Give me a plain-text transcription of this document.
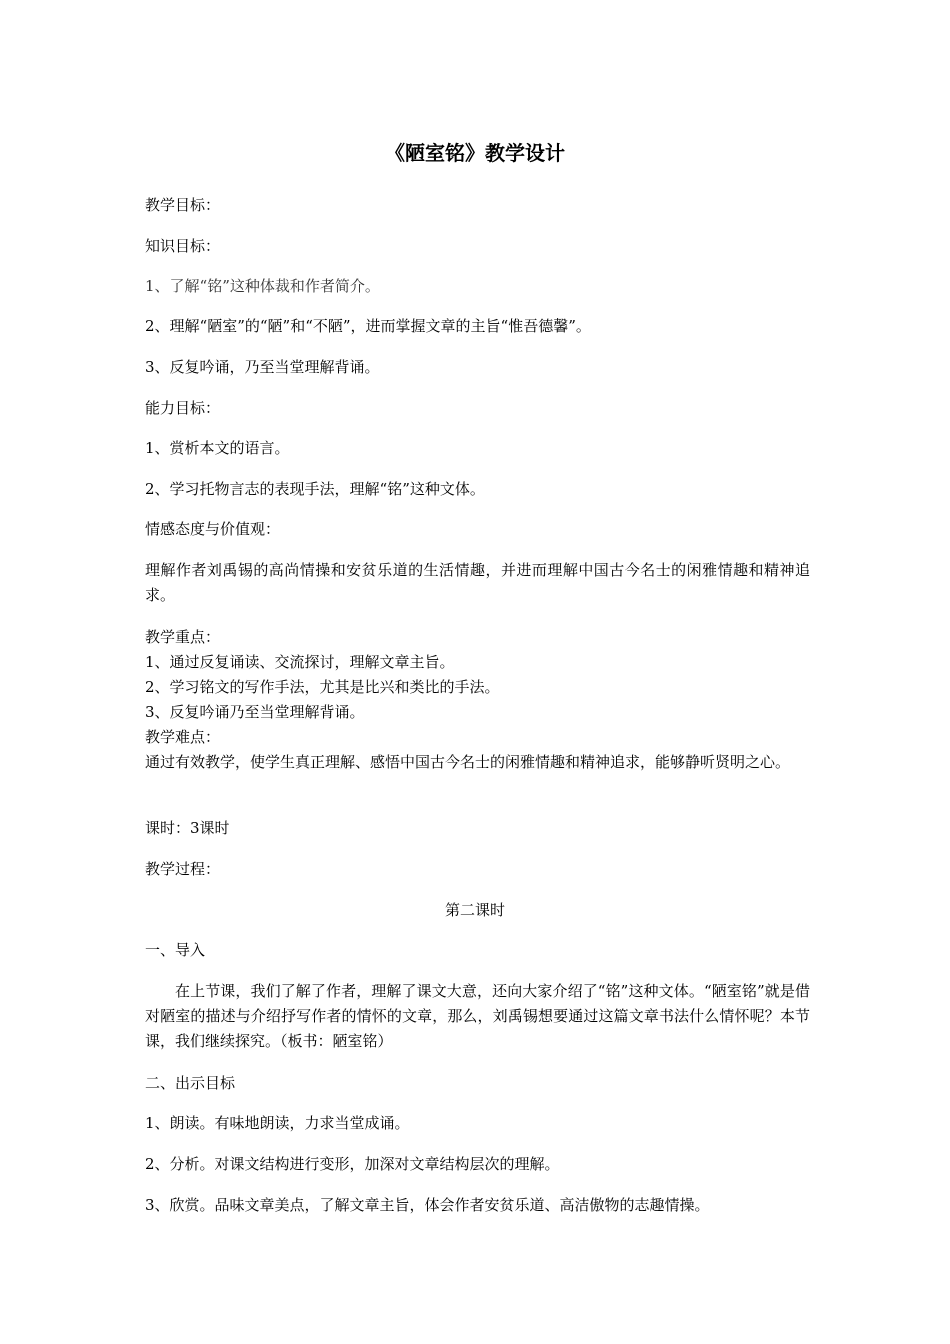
《陋室铭》教学设计

教学目标：

知识目标：

1、了解“铭”这种体裁和作者简介。

2、理解“陋室”的“陋”和“不陋”，进而掌握文章的主旨“惟吾德馨”。

3、反复吟诵，乃至当堂理解背诵。

能力目标：

1、赏析本文的语言。

2、学习托物言志的表现手法，理解“铭”这种文体。

情感态度与价值观：

理解作者刘禹锡的高尚情操和安贫乐道的生活情趣，并进而理解中国古今名士的闲雅情趣和精神追求。

教学重点：

1、通过反复诵读、交流探讨，理解文章主旨。

2、学习铭文的写作手法，尤其是比兴和类比的手法。

3、反复吟诵乃至当堂理解背诵。

教学难点：

通过有效教学，使学生真正理解、感悟中国古今名士的闲雅情趣和精神追求，能够静听贤明之心。

课时：3课时

教学过程：

第二课时

一、导入

在上节课，我们了解了作者，理解了课文大意，还向大家介绍了“铭”这种文体。“陋室铭”就是借对陋室的描述与介绍抒写作者的情怀的文章，那么，刘禹锡想要通过这篇文章书法什么情怀呢？本节课，我们继续探究。（板书：陋室铭）

二、出示目标

1、朗读。有味地朗读，力求当堂成诵。

2、分析。对课文结构进行变形，加深对文章结构层次的理解。

3、欣赏。品味文章美点，了解文章主旨，体会作者安贫乐道、高洁傲物的志趣情操。
